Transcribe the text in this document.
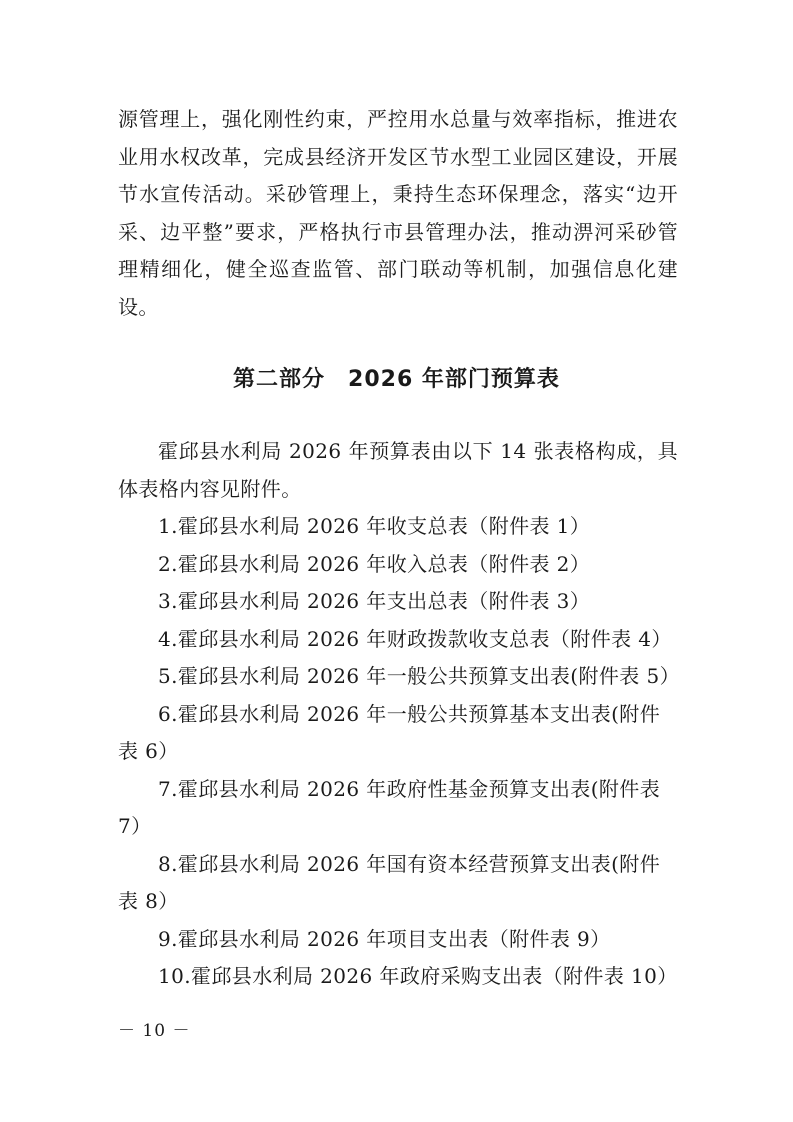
源管理上，强化刚性约束，严控用水总量与效率指标，推进农业用水权改革，完成县经济开发区节水型工业园区建设，开展节水宣传活动。采砂管理上，秉持生态环保理念，落实“边开采、边平整”要求，严格执行市县管理办法，推动淠河采砂管理精细化，健全巡查监管、部门联动等机制，加强信息化建设。

第二部分　2026 年部门预算表

霍邱县水利局 2026 年预算表由以下 14 张表格构成，具体表格内容见附件。

1.霍邱县水利局 2026 年收支总表（附件表 1）
2.霍邱县水利局 2026 年收入总表（附件表 2）
3.霍邱县水利局 2026 年支出总表（附件表 3）
4.霍邱县水利局 2026 年财政拨款收支总表（附件表 4）
5.霍邱县水利局 2026 年一般公共预算支出表(附件表 5）
6.霍邱县水利局 2026 年一般公共预算基本支出表(附件表 6）
7.霍邱县水利局 2026 年政府性基金预算支出表(附件表 7）
8.霍邱县水利局 2026 年国有资本经营预算支出表(附件表 8）
9.霍邱县水利局 2026 年项目支出表（附件表 9）
10.霍邱县水利局 2026 年政府采购支出表（附件表 10）

－ 10 －
